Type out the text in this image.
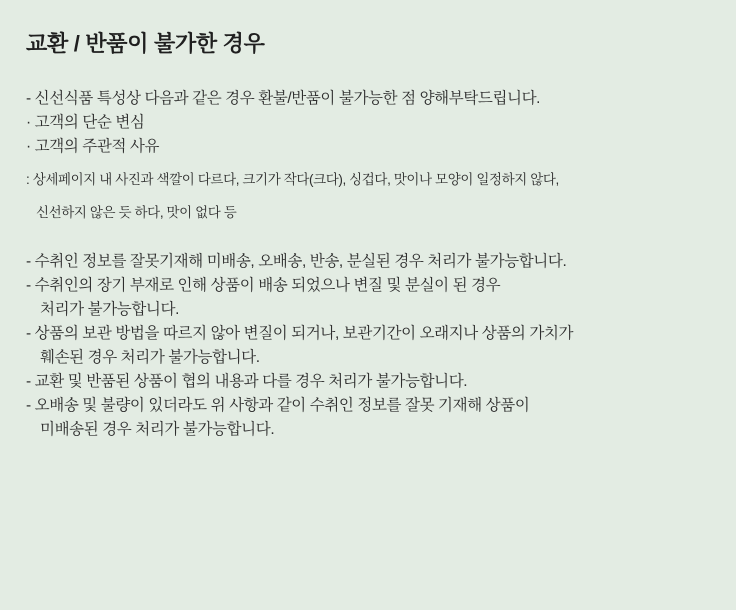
교환 / 반품이 불가한 경우

- 신선식품 특성상 다음과 같은 경우 환불/반품이 불가능한 점 양해부탁드립니다.

· 고객의 단순 변심

· 고객의 주관적 사유

: 상세페이지 내 사진과 색깔이 다르다, 크기가 작다(크다), 싱겁다, 맛이나 모양이 일정하지 않다,

신선하지 않은 듯 하다, 맛이 없다 등

- 수취인 정보를 잘못기재해 미배송, 오배송, 반송, 분실된 경우 처리가 불가능합니다.

- 수취인의 장기 부재로 인해 상품이 배송 되었으나 변질 및 분실이 된 경우

처리가 불가능합니다.

- 상품의 보관 방법을 따르지 않아 변질이 되거나, 보관기간이 오래지나 상품의 가치가

훼손된 경우 처리가 불가능합니다.

- 교환 및 반품된 상품이 협의 내용과 다를 경우 처리가 불가능합니다.

- 오배송 및 불량이 있더라도 위 사항과 같이 수취인 정보를 잘못 기재해 상품이

미배송된 경우 처리가 불가능합니다.
